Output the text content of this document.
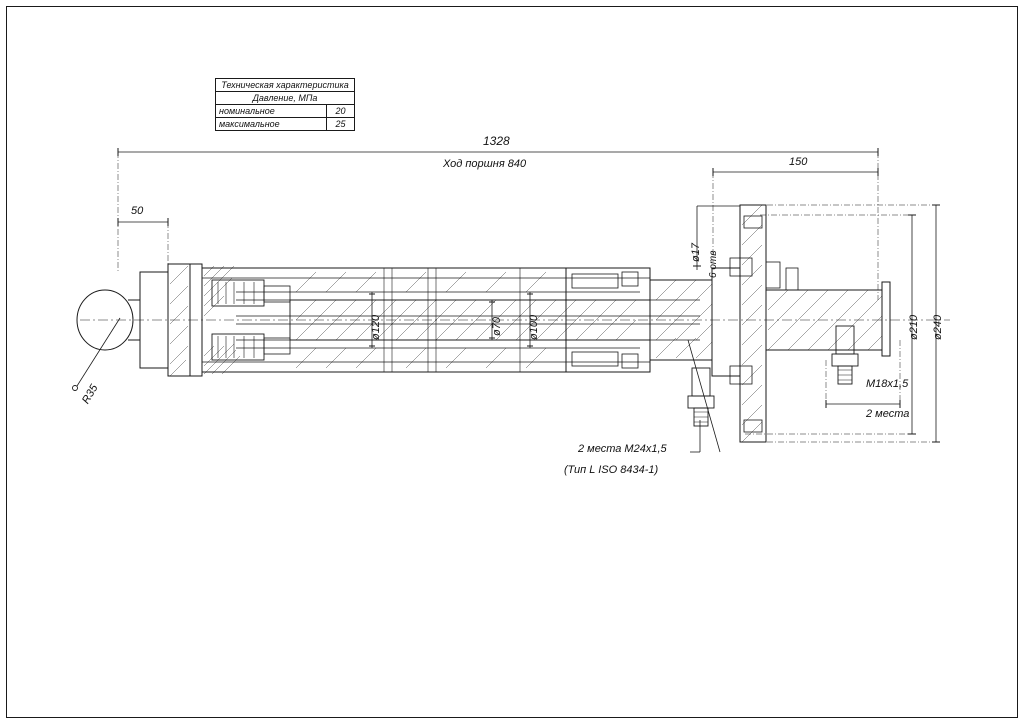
Техническая характеристика	
Давление, МПа	
номинальное	20
максимальное	25
1328
Ход поршня 840	150
50
R35
ø120	ø70 ø100
ø17 6 отв
ø210 ø240
M18x1,5
2 места
2 места M24x1,5
(Тип L ISO 8434-1)
